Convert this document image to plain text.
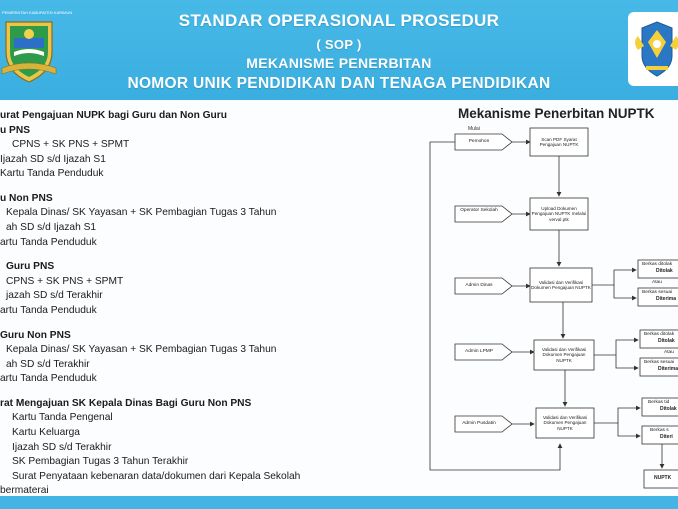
STANDAR OPERASIONAL PROSEDUR
( SOP )
MEKANISME PENERBITAN
NOMOR UNIK PENDIDIKAN DAN TENAGA PENDIDIKAN
PEMERINTAH KABUPATEN KARIMUN
urat Pengajuan NUPK bagi Guru dan Non Guru
u PNS
CPNS + SK PNS + SPMT
Ijazah SD s/d Ijazah S1
Kartu Tanda Penduduk
u Non PNS
Kepala Dinas/ SK Yayasan + SK Pembagian Tugas 3 Tahun
ah SD s/d Ijazah S1
artu Tanda Penduduk
Guru PNS
CPNS + SK PNS + SPMT
jazah SD s/d Terakhir
artu Tanda Penduduk
Guru Non PNS
Kepala Dinas/ SK Yayasan + SK Pembagian Tugas 3 Tahun
ah SD s/d Terakhir
artu Tanda Penduduk
rat Mengajuan SK Kepala Dinas Bagi Guru Non PNS
Kartu Tanda Pengenal
Kartu Keluarga
Ijazah SD s/d Terakhir
SK Pembagian Tugas 3 Tahun Terakhir
Surat Penyataan kebenaran data/dokumen dari Kepala Sekolah
bermaterai
Mekanisme Penerbitan NUPTK
Mulai
Pemohon
Operator Sekolah
Admin Dinas
Admin LPMP
Admin Pusdatin
Scan PDF Syarat Pengajuan NUPTK
Upload Dokumen Pengajuan NUPTK melalui verval ptk
Validasi dan Verifikasi Dokumen Pengajuan NUPTK
Validasi dan Verifikasi Dokumen Pengajuan NUPTK
Validasi dan Verifikasi Dokumen Pengajuan NUPTK
Berkas ditolak
Ditolak
Atau
Berkas sesuai
Diterima
Berkas ditolak
Ditolak
Atau
Berkas sesuai
Diterima
Berkas tid
Ditolak
Berkas s
Diteri
NUPTK
